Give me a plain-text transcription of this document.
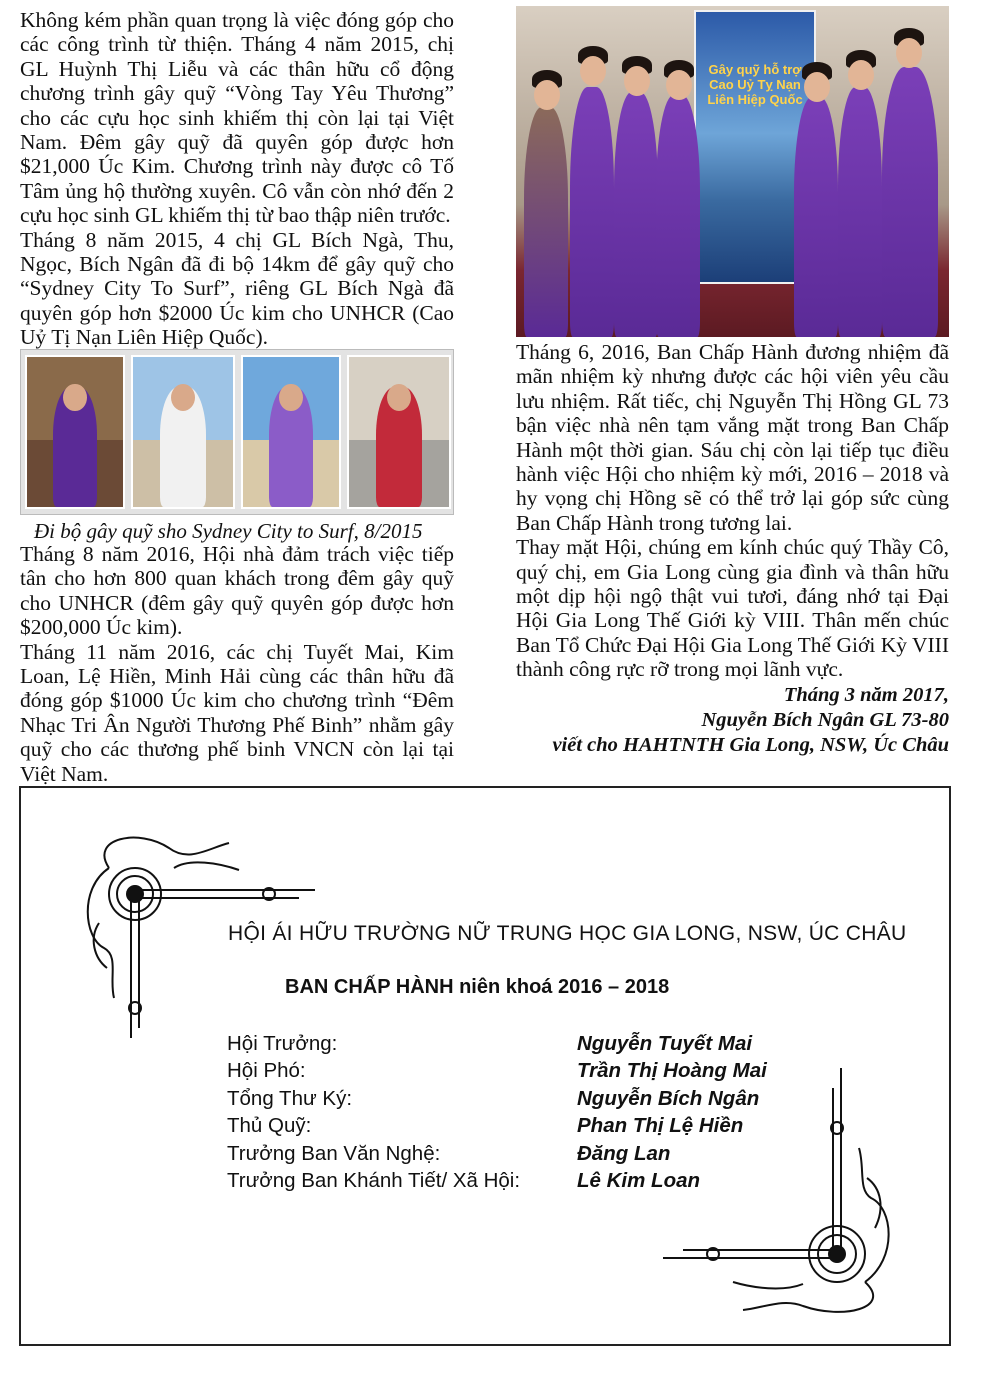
Không kém phần quan trọng là việc đóng góp cho các công trình từ thiện. Tháng 4 năm 2015, chị GL Huỳnh Thị Liễu và các thân hữu cổ động chương trình gây quỹ “Vòng Tay Yêu Thương” cho các cựu học sinh khiếm thị còn lại tại Việt Nam. Đêm gây quỹ đã quyên góp được hơn $21,000 Úc Kim. Chương trình này được cô Tố Tâm ủng hộ thường xuyên. Cô vẫn còn nhớ đến 2 cựu học sinh GL khiếm thị từ bao thập niên trước.

Tháng 8 năm 2015, 4 chị GL Bích Ngà, Thu, Ngọc, Bích Ngân đã đi bộ 14km để gây quỹ cho “Sydney City To Surf”, riêng GL Bích Ngà đã quyên góp hơn $2000 Úc kim cho UNHCR (Cao Uỷ Tị Nạn Liên Hiệp Quốc).

Đi bộ gây quỹ sho Sydney City to Surf, 8/2015

Tháng 8 năm 2016, Hội nhà đảm trách việc tiếp tân cho hơn 800 quan khách trong đêm gây quỹ cho UNHCR (đêm gây quỹ quyên góp được hơn $200,000 Úc kim).

Tháng 11 năm 2016, các chị Tuyết Mai, Kim Loan, Lệ Hiền, Minh Hải cùng các thân hữu đã đóng góp $1000 Úc kim cho chương trình “Đêm Nhạc Tri Ân Người Thương Phế Binh” nhằm gây quỹ cho các thương phế binh VNCN còn lại tại Việt Nam.

Gây quỹ hỗ trợ Cao Uỷ Tỵ Nạn Liên Hiệp Quốc

Tháng 6, 2016, Ban Chấp Hành đương nhiệm đã mãn nhiệm kỳ nhưng được các hội viên yêu cầu lưu nhiệm. Rất tiếc, chị Nguyễn Thị Hồng GL 73 bận việc nhà nên tạm vắng mặt trong Ban Chấp Hành một thời gian. Sáu chị còn lại tiếp tục điều hành việc Hội cho nhiệm kỳ mới, 2016 – 2018 và hy vọng chị Hồng sẽ có thể trở lại góp sức cùng Ban Chấp Hành trong tương lai.

Thay mặt Hội, chúng em kính chúc quý Thầy Cô, quý chị, em Gia Long cùng gia đình và thân hữu một dịp hội ngộ thật vui tươi, đáng nhớ tại Đại Hội Gia Long Thế Giới kỳ VIII. Thân mến chúc Ban Tổ Chức Đại Hội Gia Long Thế Giới Kỳ VIII thành công rực rỡ trong mọi lãnh vực.

Tháng 3 năm 2017,
Nguyễn Bích Ngân GL 73-80
viết cho HAHTNTH Gia Long, NSW, Úc Châu
HỘI ÁI HỮU TRƯỜNG NỮ TRUNG HỌC GIA LONG, NSW, ÚC CHÂU
BAN CHẤP HÀNH niên khoá 2016 – 2018
Hội Trưởng:
Hội Phó:
Tổng Thư Ký:
Thủ Quỹ:
Trưởng Ban Văn Nghệ:
Trưởng Ban Khánh Tiết/ Xã Hội:
Nguyễn Tuyết Mai
Trần Thị Hoàng Mai
Nguyễn Bích Ngân
Phan Thị Lệ Hiền
Đăng Lan
Lê Kim Loan
